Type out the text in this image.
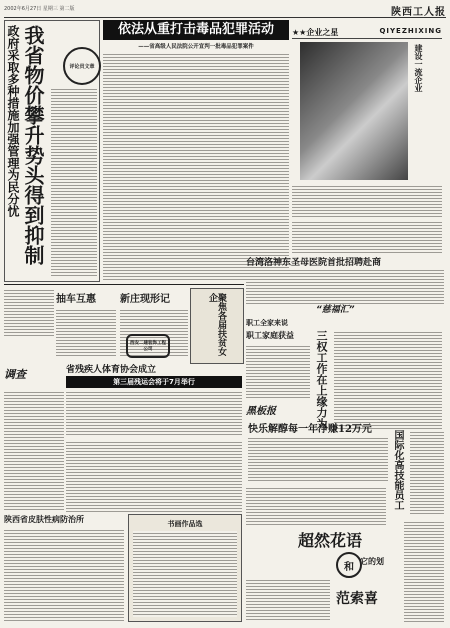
2002年6月27日 星期三 第二版	陕西工人报
政府采取多种措施加强管理为民分忧 我省物价攀升势头得到抑制	评论员文章
依法从重打击毒品犯罪活动
——省高级人民法院公开宣判一批毒品犯罪案件
★★企业之星	QIYEZHIXING
建设一流企业
台湾洛神东圣母医院首批招聘赴商
“慈福汇”
抽车互惠	新庄现形记	聚焦各届扶贫女企
西安二建装饰工程公司
调查	省残疾人体育协会成立
第三届残运会将于7月举行
职工全家来说
职工家庭获益	三权工作在上缘力为
黑板报
快乐解醇每一年净赚12万元
国际化高技能员工
陕西省皮肤性病防治所	书画作品选
超然花语
和 它的划
范索喜
